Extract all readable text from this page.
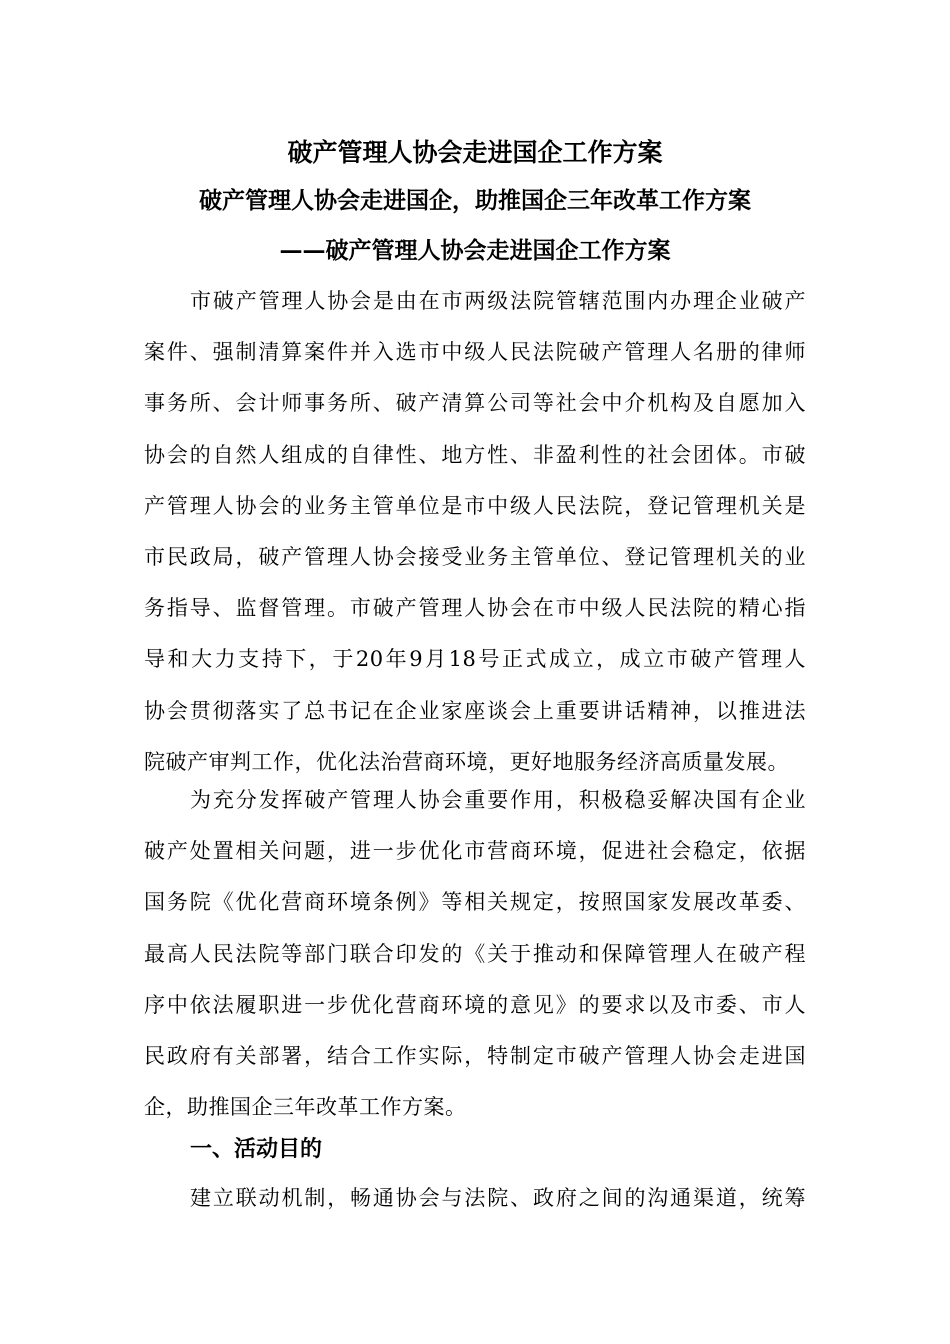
破产管理人协会走进国企工作方案
破产管理人协会走进国企，助推国企三年改革工作方案
——破产管理人协会走进国企工作方案
市破产管理人协会是由在市两级法院管辖范围内办理企业破产
案件、强制清算案件并入选市中级人民法院破产管理人名册的律师
事务所、会计师事务所、破产清算公司等社会中介机构及自愿加入
协会的自然人组成的自律性、地方性、非盈利性的社会团体。市破
产管理人协会的业务主管单位是市中级人民法院，登记管理机关是
市民政局，破产管理人协会接受业务主管单位、登记管理机关的业
务指导、监督管理。市破产管理人协会在市中级人民法院的精心指
导和大力支持下，于20年9月18号正式成立，成立市破产管理人
协会贯彻落实了总书记在企业家座谈会上重要讲话精神，以推进法
院破产审判工作，优化法治营商环境，更好地服务经济高质量发展。
为充分发挥破产管理人协会重要作用，积极稳妥解决国有企业
破产处置相关问题，进一步优化市营商环境，促进社会稳定，依据
国务院《优化营商环境条例》等相关规定，按照国家发展改革委、
最高人民法院等部门联合印发的《关于推动和保障管理人在破产程
序中依法履职进一步优化营商环境的意见》的要求以及市委、市人
民政府有关部署，结合工作实际，特制定市破产管理人协会走进国
企，助推国企三年改革工作方案。
一、活动目的
建立联动机制，畅通协会与法院、政府之间的沟通渠道，统筹
